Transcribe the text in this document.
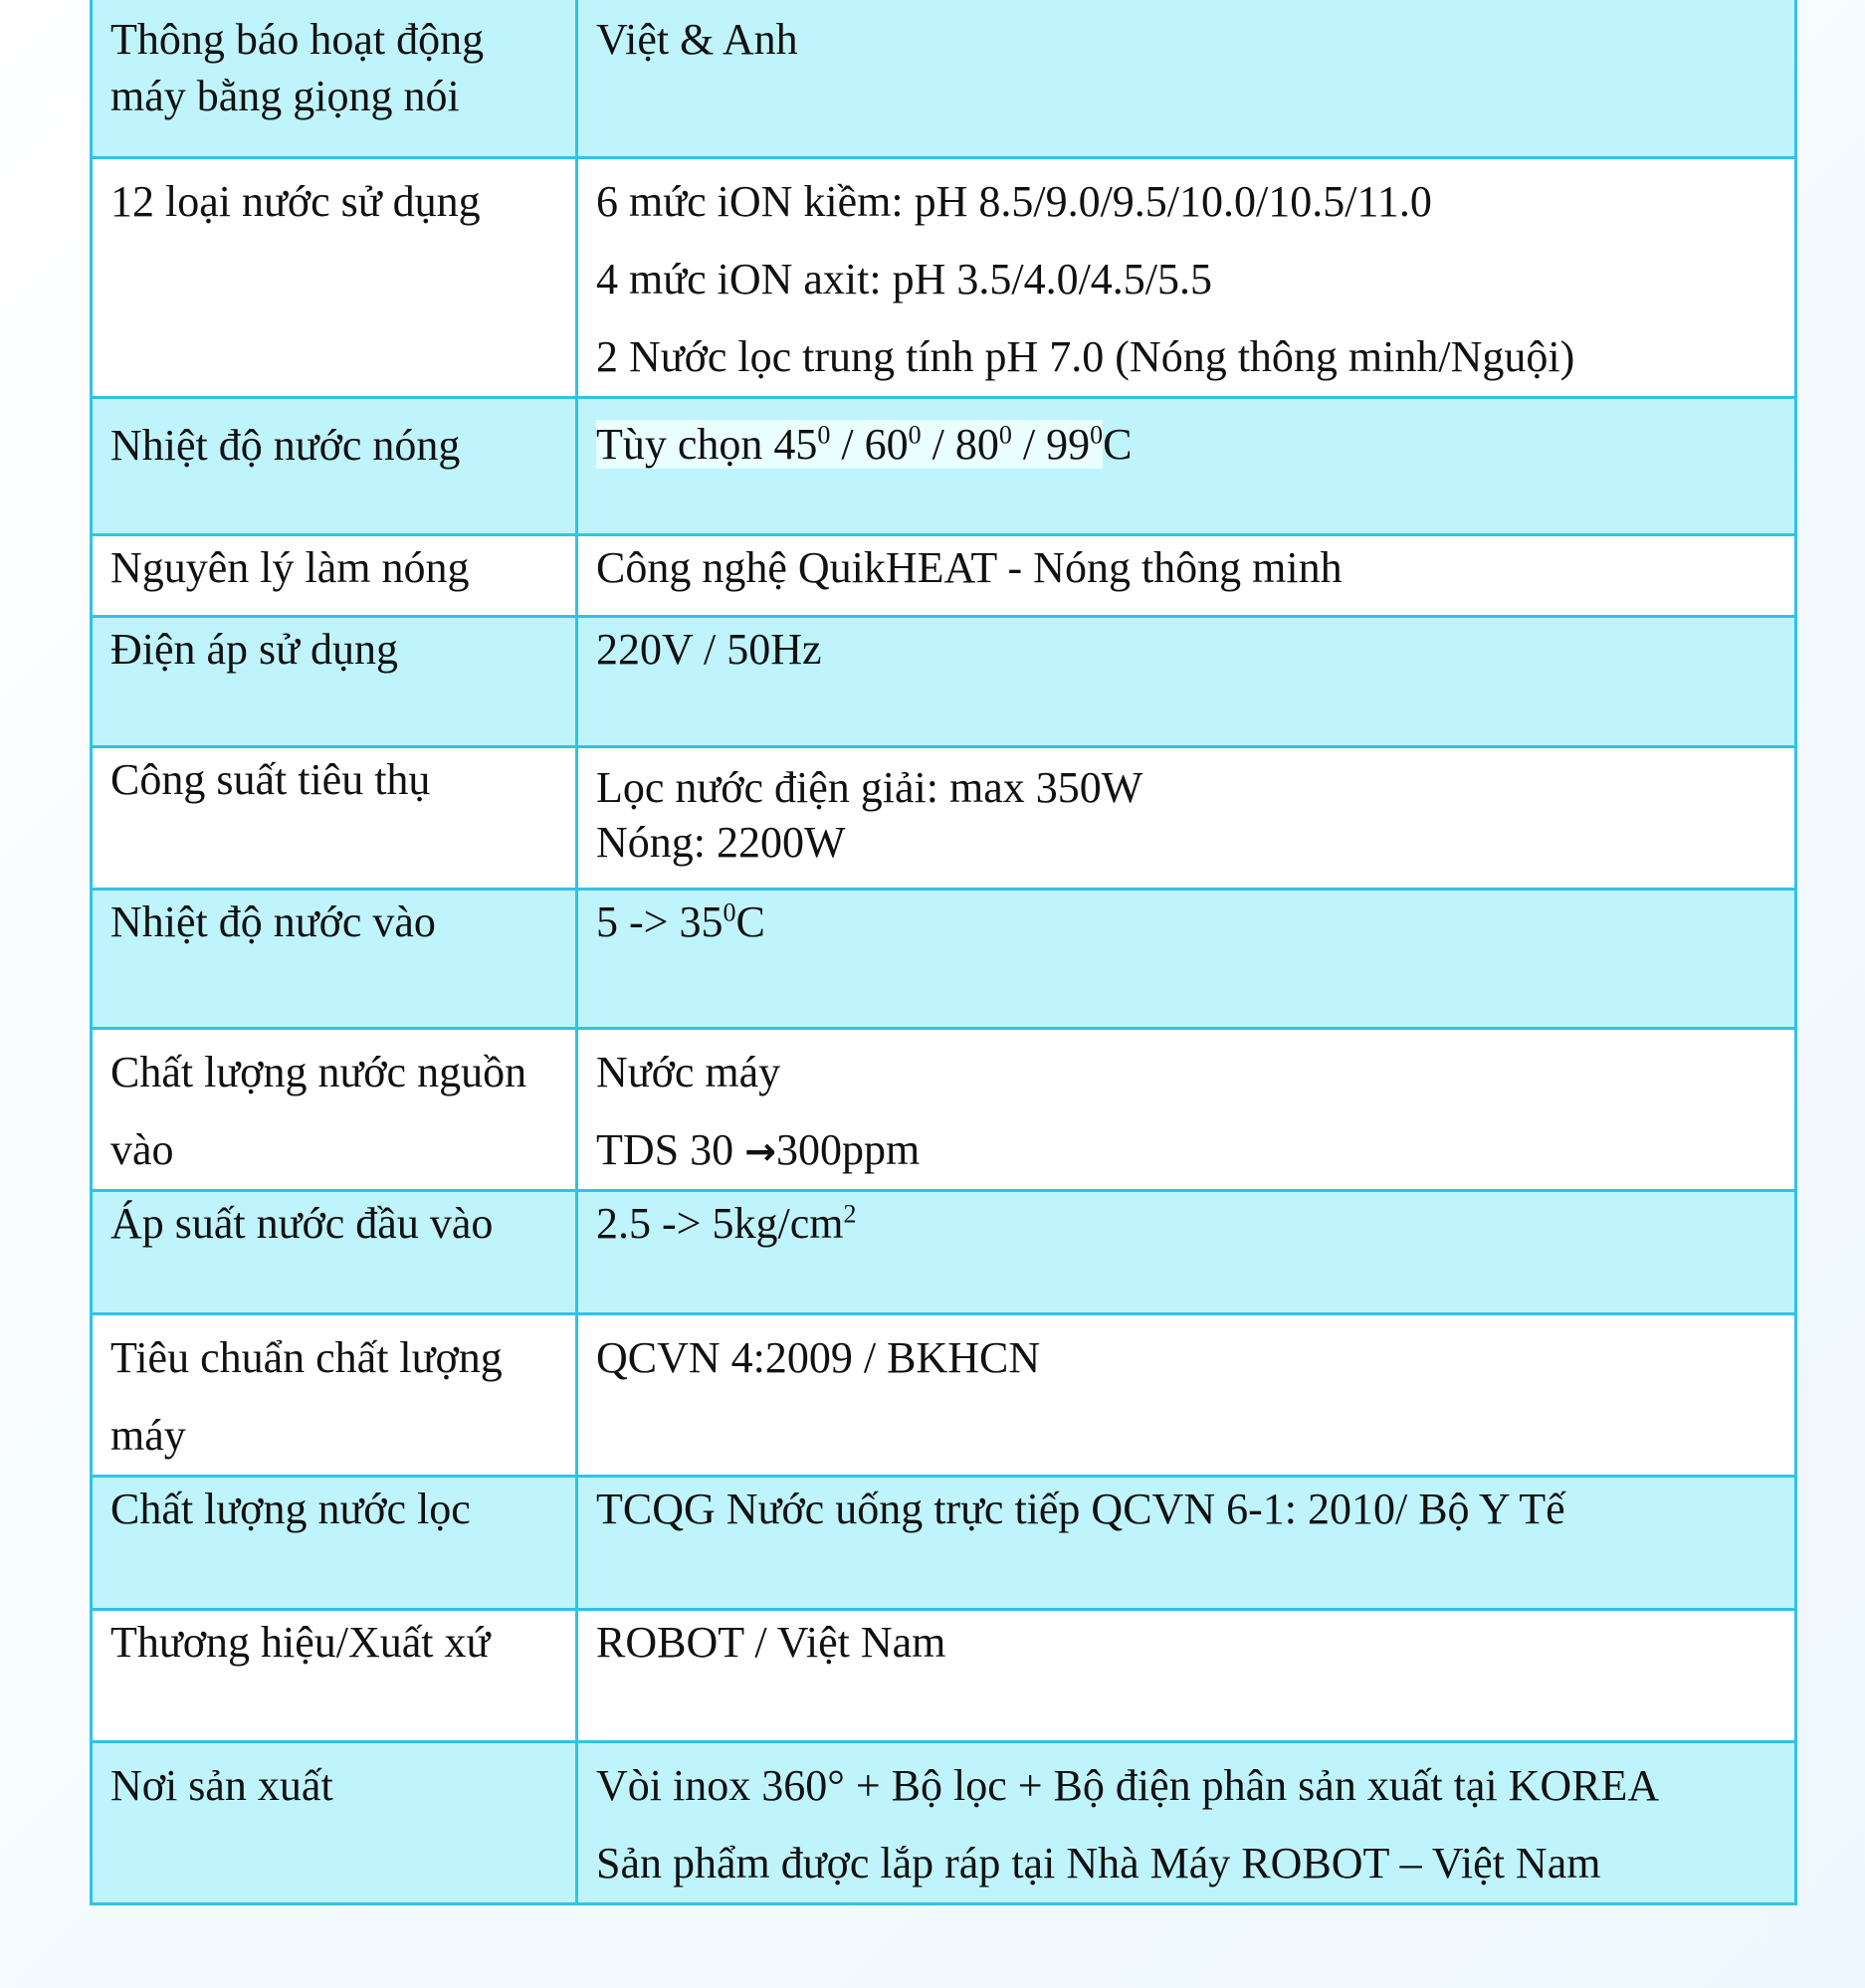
Thông báo hoạt động
máy bằng giọng nói	Việt & Anh

12 loại nước sử dụng	6 mức iON kiềm: pH 8.5/9.0/9.5/10.0/10.5/11.0
4 mức iON axit: pH 3.5/4.0/4.5/5.5
2 Nước lọc trung tính pH 7.0 (Nóng thông minh/Nguội)

Nhiệt độ nước nóng	Tùy chọn $45^0 / 60^0 / 80^0 / 99^0C$

Nguyên lý làm nóng	Công nghệ QuikHEAT - Nóng thông minh

Điện áp sử dụng	220V / 50Hz

Công suất tiêu thụ	Lọc nước điện giải: max 350W
Nóng: 2200W

Nhiệt độ nước vào	$5 -> 35^0C$

Chất lượng nước nguồn
vào	Nước máy
TDS 30 →300ppm

Áp suất nước đầu vào	$2.5 -> 5kg/cm^2$

Tiêu chuẩn chất lượng
máy	QCVN 4:2009 / BKHCN

Chất lượng nước lọc	TCQG Nước uống trực tiếp QCVN 6-1: 2010/ Bộ Y Tế

Thương hiệu/Xuất xứ	ROBOT / Việt Nam

Nơi sản xuất	Vòi inox 360° + Bộ lọc + Bộ điện phân sản xuất tại KOREA
Sản phẩm được lắp ráp tại Nhà Máy ROBOT – Việt Nam
